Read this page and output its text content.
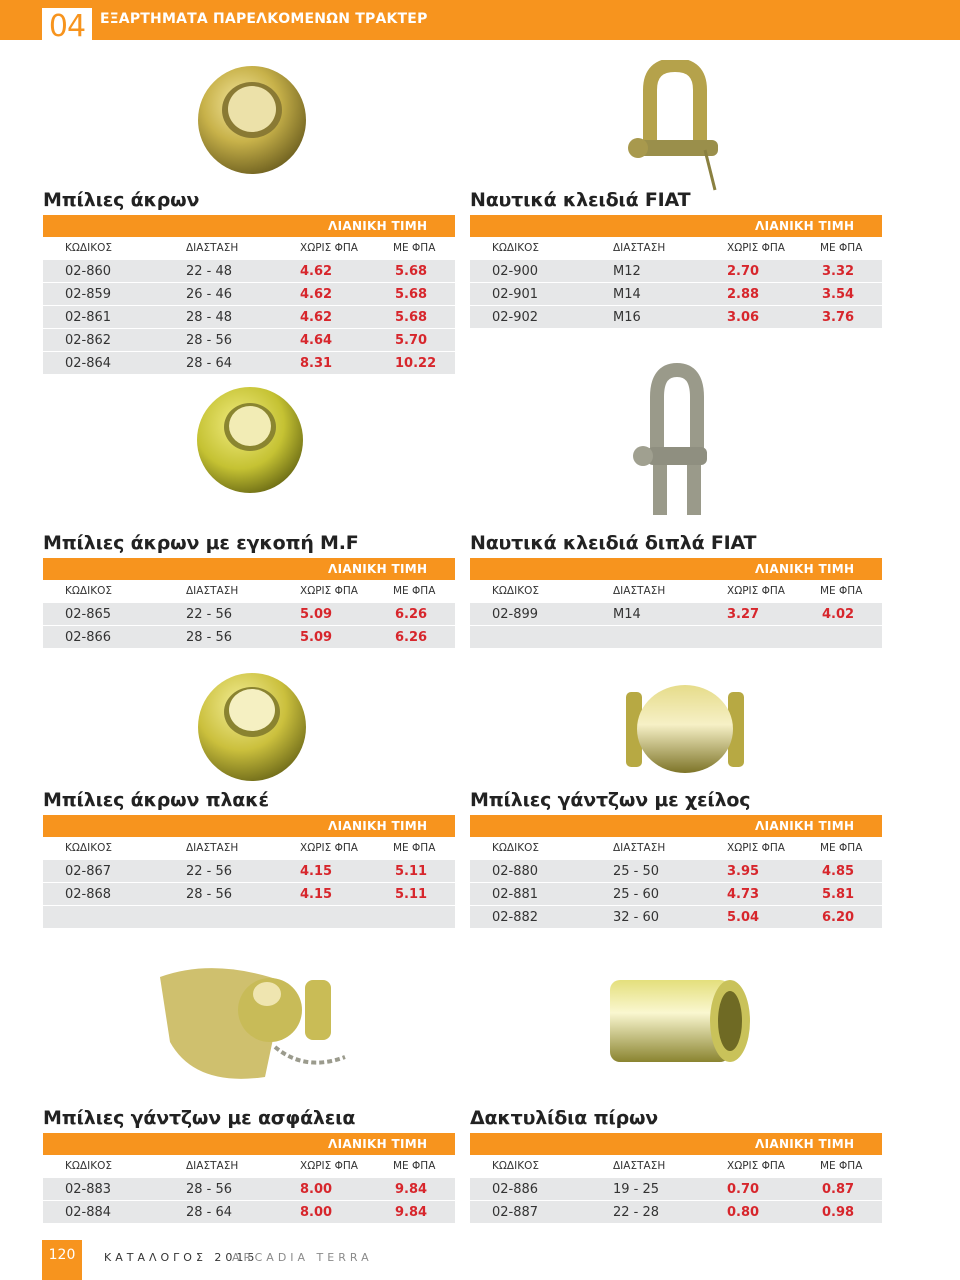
04	ΕΞΑΡΤΗΜΑΤΑ ΠΑΡΕΛΚΟΜΕΝΩΝ ΤΡΑΚΤΕΡ
Μπίλιες άκρων
ΛΙΑΝΙΚΗ ΤΙΜΗ
ΚΩΔΙΚΟΣ	ΔΙΑΣΤΑΣΗ	ΧΩΡΙΣ ΦΠΑ	ΜΕ ΦΠΑ
02-860	22 - 48	4.62	5.68
02-859	26 - 46	4.62	5.68
02-861	28 - 48	4.62	5.68
02-862	28 - 56	4.64	5.70
02-864	28 - 64	8.31	10.22
Ναυτικά κλειδιά FIAT
ΛΙΑΝΙΚΗ ΤΙΜΗ
ΚΩΔΙΚΟΣ	ΔΙΑΣΤΑΣΗ	ΧΩΡΙΣ ΦΠΑ	ΜΕ ΦΠΑ
02-900	M12	2.70	3.32
02-901	M14	2.88	3.54
02-902	M16	3.06	3.76
Μπίλιες άκρων με εγκοπή M.F
ΛΙΑΝΙΚΗ ΤΙΜΗ
ΚΩΔΙΚΟΣ	ΔΙΑΣΤΑΣΗ	ΧΩΡΙΣ ΦΠΑ	ΜΕ ΦΠΑ
02-865	22 - 56	5.09	6.26
02-866	28 - 56	5.09	6.26
Ναυτικά κλειδιά διπλά FIAT
ΛΙΑΝΙΚΗ ΤΙΜΗ
ΚΩΔΙΚΟΣ	ΔΙΑΣΤΑΣΗ	ΧΩΡΙΣ ΦΠΑ	ΜΕ ΦΠΑ
02-899	M14	3.27	4.02
Μπίλιες άκρων πλακέ
ΛΙΑΝΙΚΗ ΤΙΜΗ
ΚΩΔΙΚΟΣ	ΔΙΑΣΤΑΣΗ	ΧΩΡΙΣ ΦΠΑ	ΜΕ ΦΠΑ
02-867	22 - 56	4.15	5.11
02-868	28 - 56	4.15	5.11
Μπίλιες γάντζων με χείλος
ΛΙΑΝΙΚΗ ΤΙΜΗ
ΚΩΔΙΚΟΣ	ΔΙΑΣΤΑΣΗ	ΧΩΡΙΣ ΦΠΑ	ΜΕ ΦΠΑ
02-880	25 - 50	3.95	4.85
02-881	25 - 60	4.73	5.81
02-882	32 - 60	5.04	6.20
Μπίλιες γάντζων με ασφάλεια
ΛΙΑΝΙΚΗ ΤΙΜΗ
ΚΩΔΙΚΟΣ	ΔΙΑΣΤΑΣΗ	ΧΩΡΙΣ ΦΠΑ	ΜΕ ΦΠΑ
02-883	28 - 56	8.00	9.84
02-884	28 - 64	8.00	9.84
Δακτυλίδια πίρων
ΛΙΑΝΙΚΗ ΤΙΜΗ
ΚΩΔΙΚΟΣ	ΔΙΑΣΤΑΣΗ	ΧΩΡΙΣ ΦΠΑ	ΜΕ ΦΠΑ
02-886	19 - 25	0.70	0.87
02-887	22 - 28	0.80	0.98
120	ΚΑΤΑΛΟΓΟΣ 2015
ARCADIA TERRA
